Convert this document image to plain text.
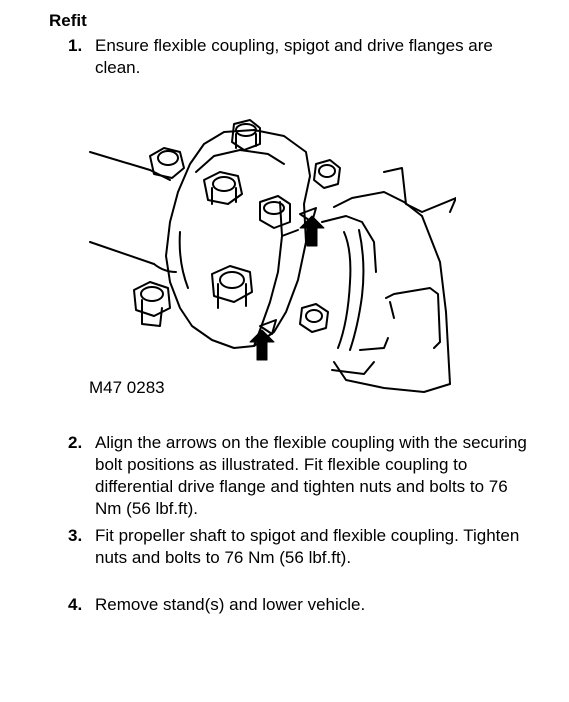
Refit
1. Ensure flexible coupling, spigot and drive flanges are clean.
M47 0283
2. Align the arrows on the flexible coupling with the securing bolt positions as illustrated. Fit flexible coupling to differential drive flange and tighten nuts and bolts to 76 Nm (56 lbf.ft).
3. Fit propeller shaft to spigot and flexible coupling. Tighten nuts and bolts to 76 Nm (56 lbf.ft).
4. Remove stand(s) and lower vehicle.
